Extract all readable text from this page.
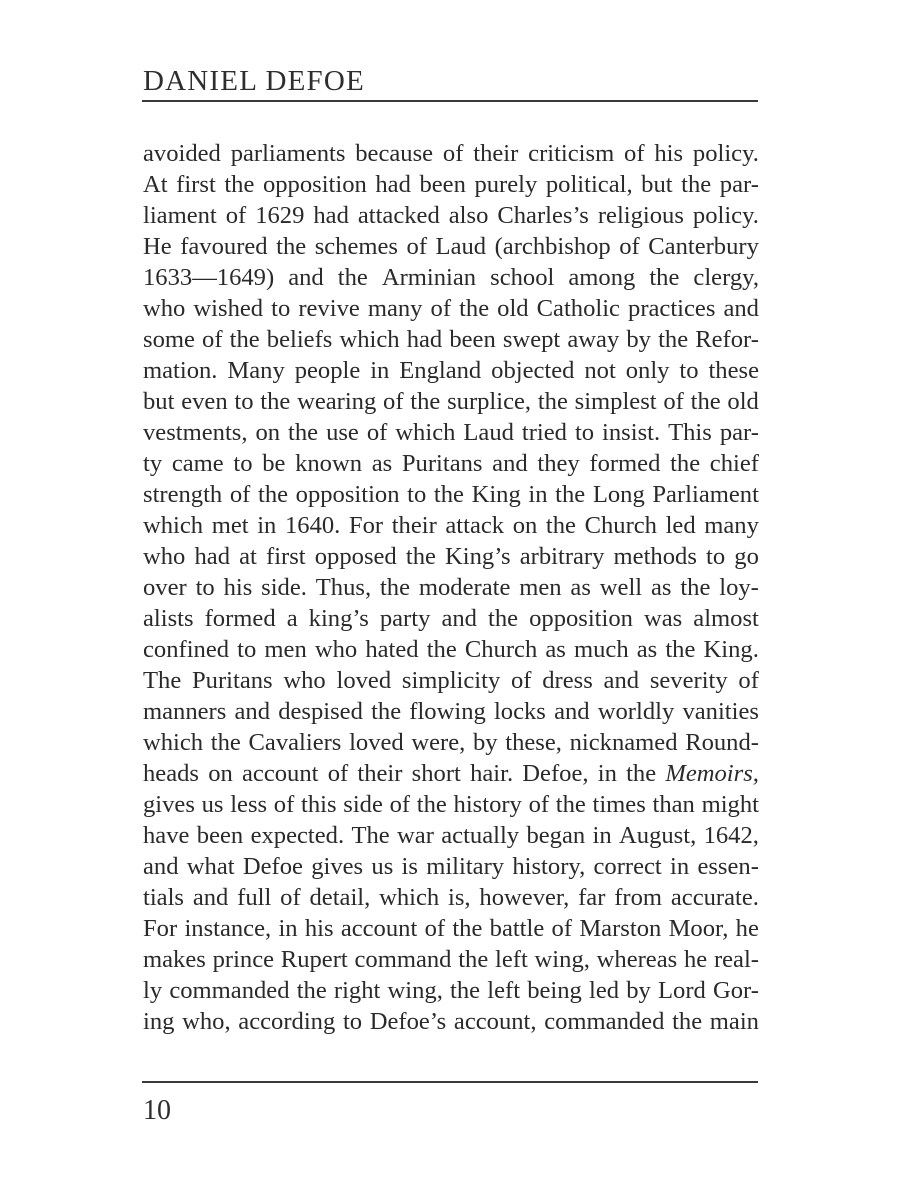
DANIEL DEFOE
avoided parliaments because of their criticism of his policy.
At first the opposition had been purely political, but the par-
liament of 1629 had attacked also Charles’s religious policy.
He favoured the schemes of Laud (archbishop of Canterbury
1633—1649) and the Arminian school among the clergy,
who wished to revive many of the old Catholic practices and
some of the beliefs which had been swept away by the Refor-
mation. Many people in England objected not only to these
but even to the wearing of the surplice, the simplest of the old
vestments, on the use of which Laud tried to insist. This par-
ty came to be known as Puritans and they formed the chief
strength of the opposition to the King in the Long Parliament
which met in 1640. For their attack on the Church led many
who had at first opposed the King’s arbitrary methods to go
over to his side. Thus, the moderate men as well as the loy-
alists formed a king’s party and the opposition was almost
confined to men who hated the Church as much as the King.
The Puritans who loved simplicity of dress and severity of
manners and despised the flowing locks and worldly vanities
which the Cavaliers loved were, by these, nicknamed Round-
heads on account of their short hair. Defoe, in the Memoirs,
gives us less of this side of the history of the times than might
have been expected. The war actually began in August, 1642,
and what Defoe gives us is military history, correct in essen-
tials and full of detail, which is, however, far from accurate.
For instance, in his account of the battle of Marston Moor, he
makes prince Rupert command the left wing, whereas he real-
ly commanded the right wing, the left being led by Lord Gor-
ing who, according to Defoe’s account, commanded the main
10
